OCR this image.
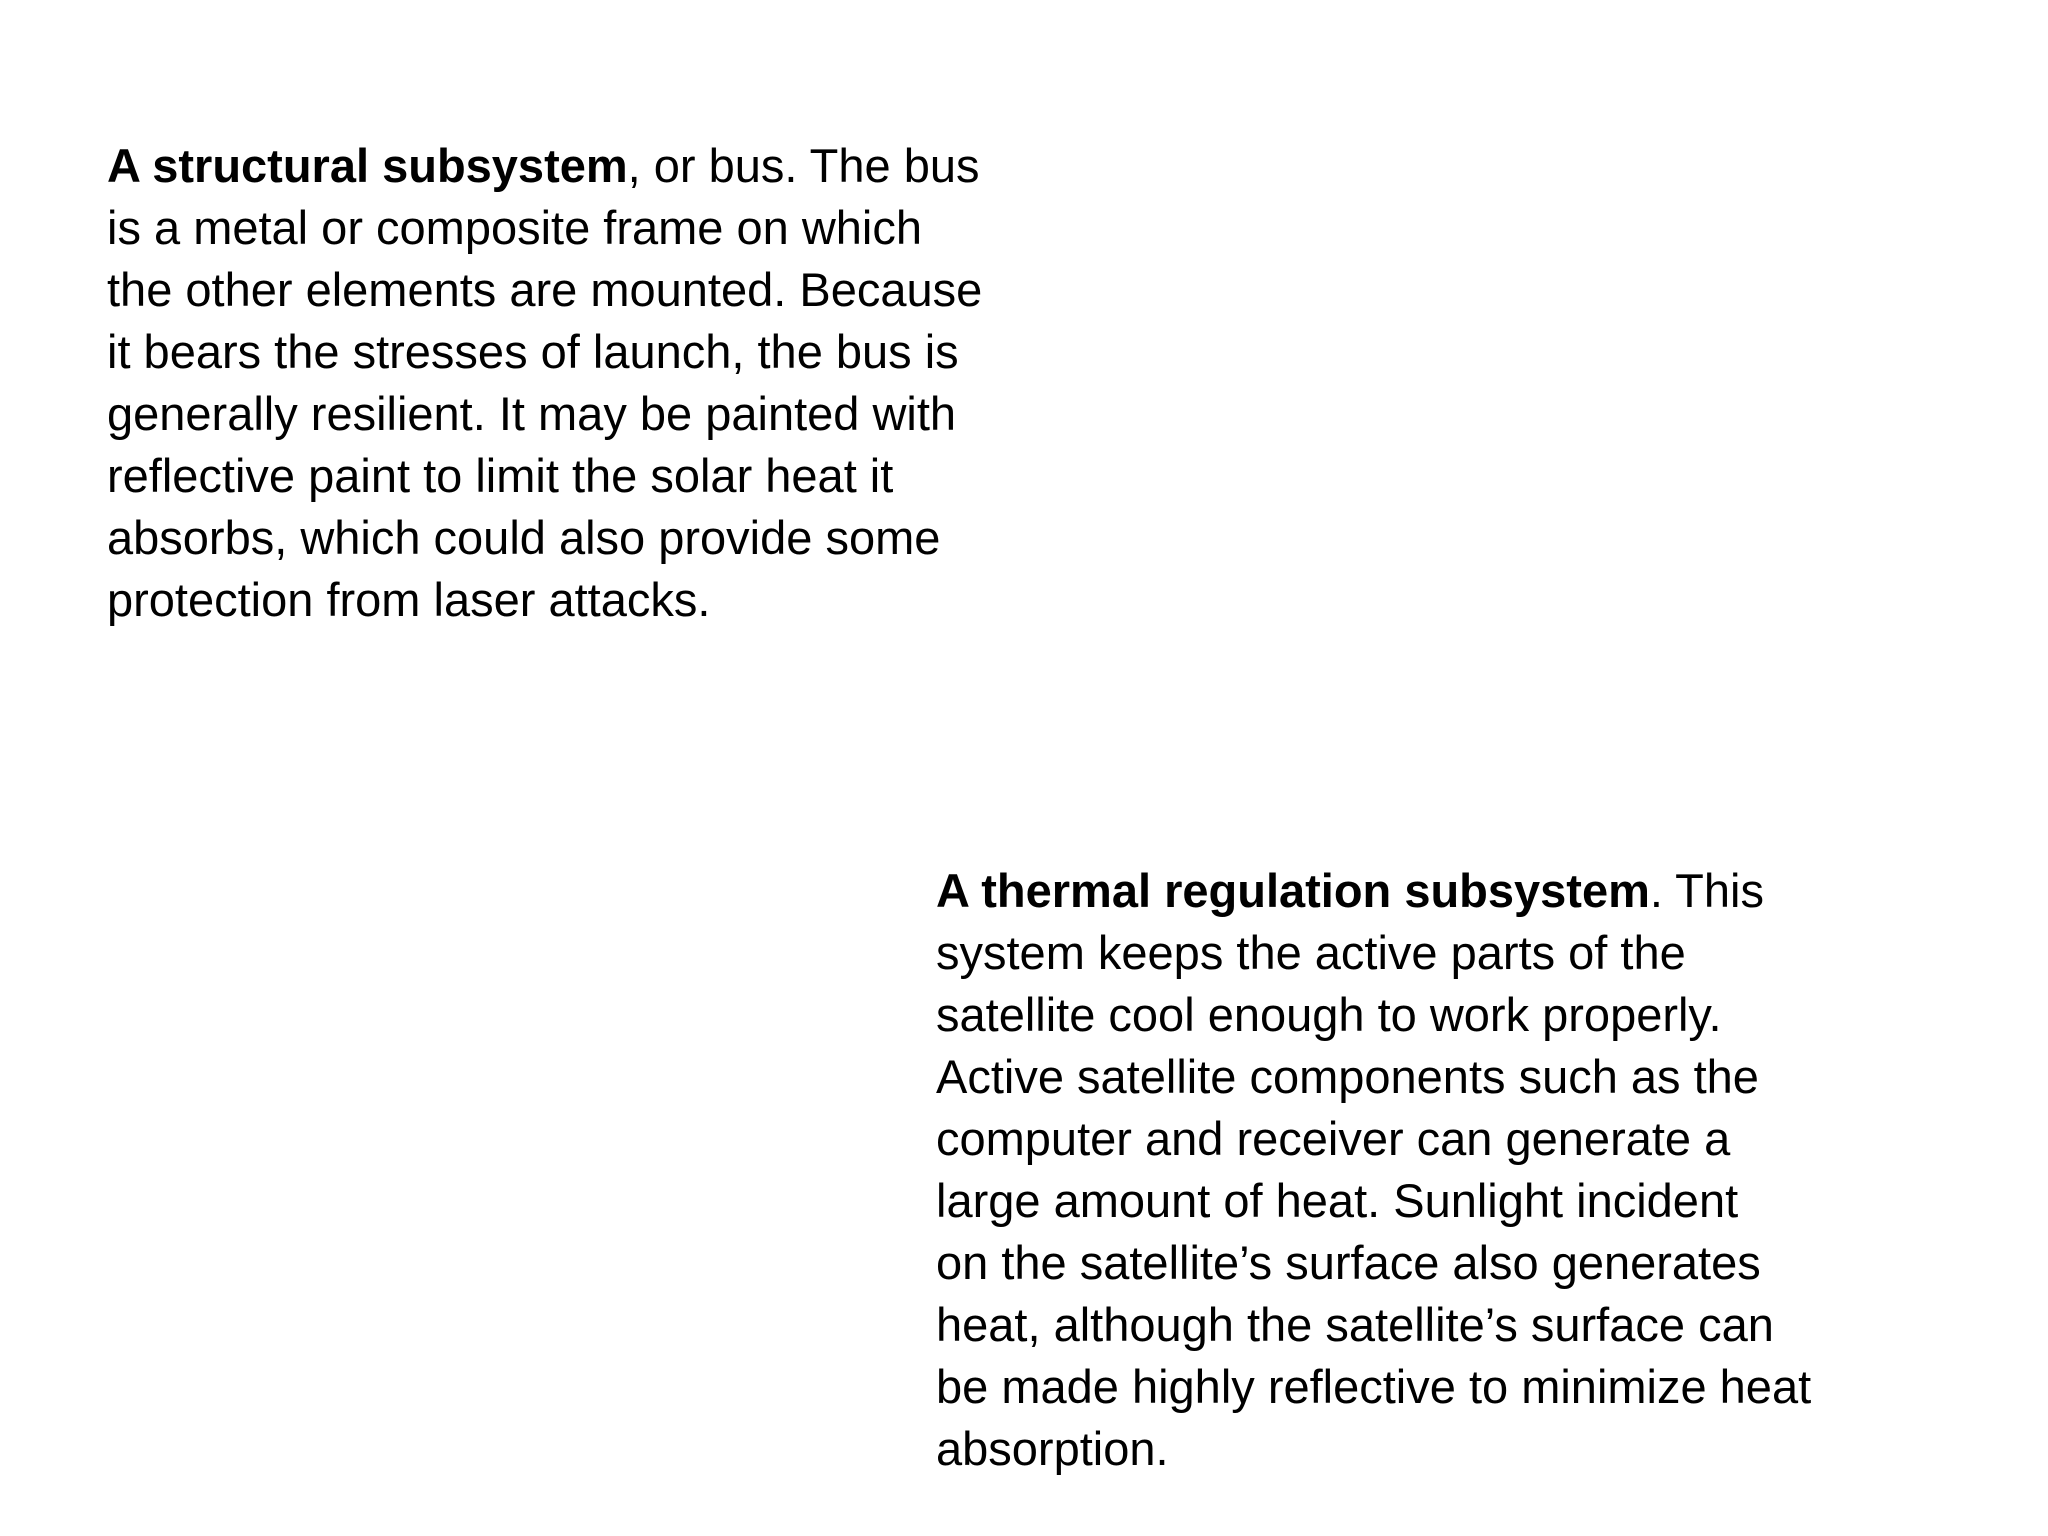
A structural subsystem, or bus. The bus
is a metal or composite frame on which
the other elements are mounted. Because
it bears the stresses of launch, the bus is
generally resilient. It may be painted with
reflective paint to limit the solar heat it
absorbs, which could also provide some
protection from laser attacks.
A thermal regulation subsystem. This
system keeps the active parts of the
satellite cool enough to work properly.
Active satellite components such as the
computer and receiver can generate a
large amount of heat. Sunlight incident
on the satellite’s surface also generates
heat, although the satellite’s surface can
be made highly reflective to minimize heat
absorption.
